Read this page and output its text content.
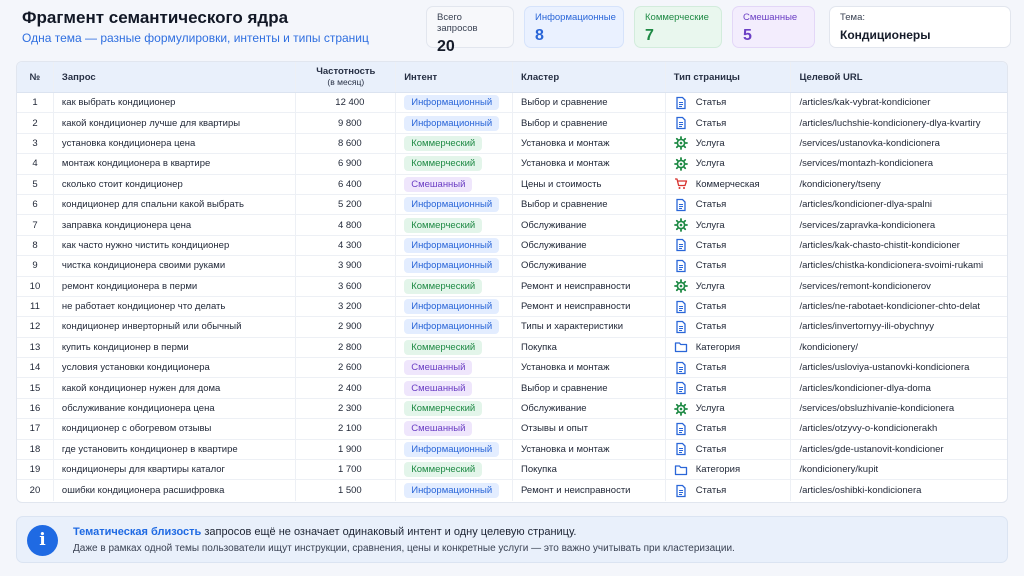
Фрагмент семантического ядра
Одна тема — разные формулировки, интенты и типы страниц
Всего запросов
20
Информационные
8
Коммерческие
7
Смешанные
5
Тема:
Кондиционеры
№	Запрос	Частотность
(в месяц)	Интент	Кластер	Тип страницы	Целевой URL
1	как выбрать кондиционер	12 400	Информационный	Выбор и сравнение	Статья	/articles/kak-vybrat-kondicioner
2	какой кондиционер лучше для квартиры	9 800	Информационный	Выбор и сравнение	Статья	/articles/luchshie-kondicionery-dlya-kvartiry
3	установка кондиционера цена	8 600	Коммерческий	Установка и монтаж	Услуга	/services/ustanovka-kondicionera
4	монтаж кондиционера в квартире	6 900	Коммерческий	Установка и монтаж	Услуга	/services/montazh-kondicionera
5	сколько стоит кондиционер	6 400	Смешанный	Цены и стоимость	Коммерческая	/kondicionery/tseny
6	кондиционер для спальни какой выбрать	5 200	Информационный	Выбор и сравнение	Статья	/articles/kondicioner-dlya-spalni
7	заправка кондиционера цена	4 800	Коммерческий	Обслуживание	Услуга	/services/zapravka-kondicionera
8	как часто нужно чистить кондиционер	4 300	Информационный	Обслуживание	Статья	/articles/kak-chasto-chistit-kondicioner
9	чистка кондиционера своими руками	3 900	Информационный	Обслуживание	Статья	/articles/chistka-kondicionera-svoimi-rukami
10	ремонт кондиционера в перми	3 600	Коммерческий	Ремонт и неисправности	Услуга	/services/remont-kondicionerov
11	не работает кондиционер что делать	3 200	Информационный	Ремонт и неисправности	Статья	/articles/ne-rabotaet-kondicioner-chto-delat
12	кондиционер инверторный или обычный	2 900	Информационный	Типы и характеристики	Статья	/articles/invertornyy-ili-obychnyy
13	купить кондиционер в перми	2 800	Коммерческий	Покупка	Категория	/kondicionery/
14	условия установки кондиционера	2 600	Смешанный	Установка и монтаж	Статья	/articles/usloviya-ustanovki-kondicionera
15	какой кондиционер нужен для дома	2 400	Смешанный	Выбор и сравнение	Статья	/articles/kondicioner-dlya-doma
16	обслуживание кондиционера цена	2 300	Коммерческий	Обслуживание	Услуга	/services/obsluzhivanie-kondicionera
17	кондиционер с обогревом отзывы	2 100	Смешанный	Отзывы и опыт	Статья	/articles/otzyvy-o-kondicionerakh
18	где установить кондиционер в квартире	1 900	Информационный	Установка и монтаж	Статья	/articles/gde-ustanovit-kondicioner
19	кондиционеры для квартиры каталог	1 700	Коммерческий	Покупка	Категория	/kondicionery/kupit
20	ошибки кондиционера расшифровка	1 500	Информационный	Ремонт и неисправности	Статья	/articles/oshibki-kondicionera
i	Тематическая близость запросов ещё не означает одинаковый интент и одну целевую страницу.
Даже в рамках одной темы пользователи ищут инструкции, сравнения, цены и конкретные услуги — это важно учитывать при кластеризации.
